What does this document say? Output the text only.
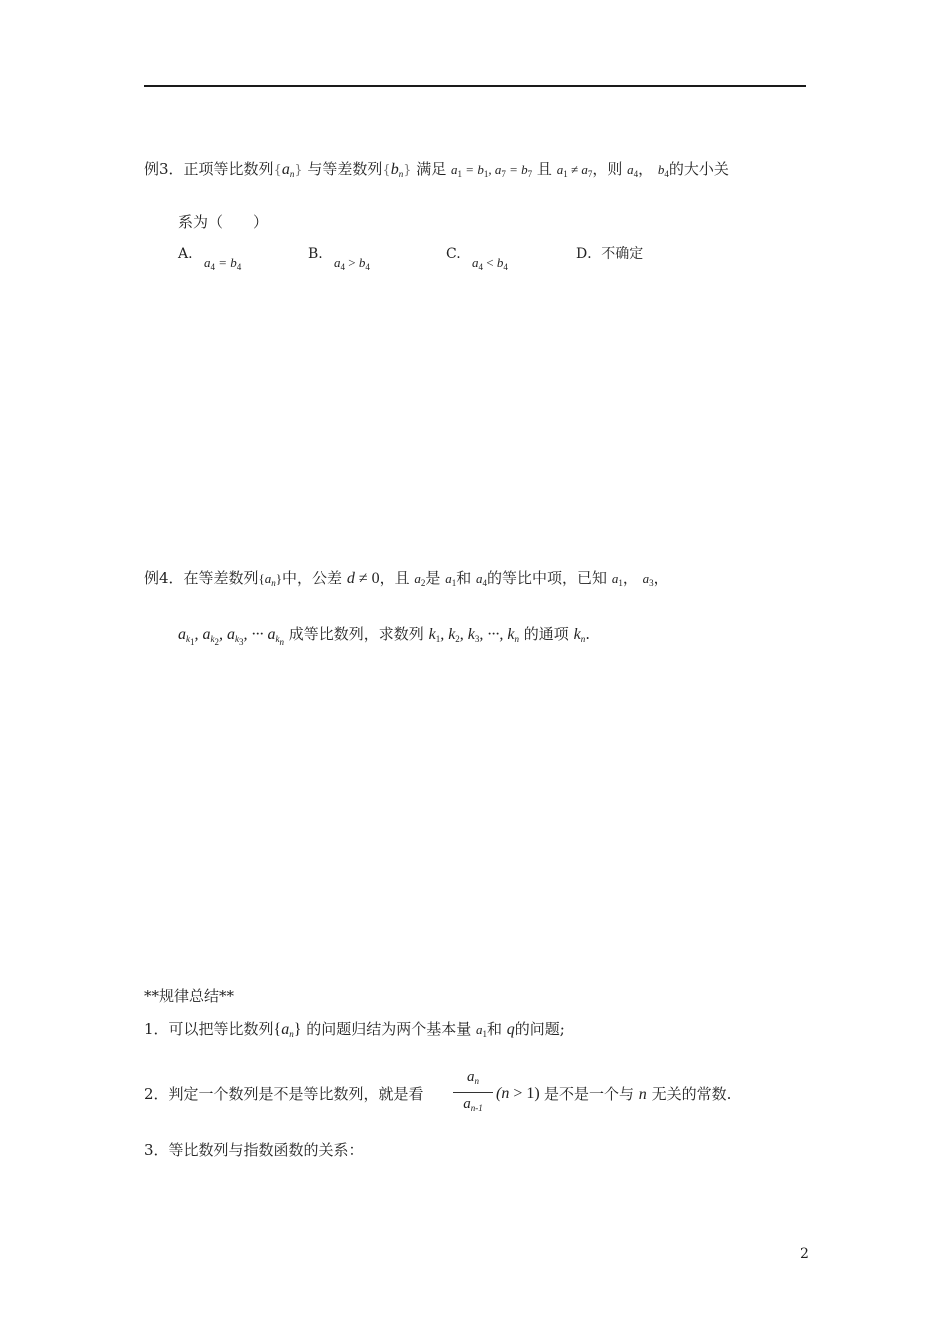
例3．正项等比数列$\{a_n\}$ 与等差数列$\{b_n\}$ 满足 $a_1 = b_1$, $a_7 = b_7$ 且 $a_1 \ne a_7$，则 $a_4$， $b_4$的大小关
系为（　　）
A.
$a_4 = b_4$
B.
$a_4 > b_4$
C.
$a_4 < b_4$
D．不确定
例4．在等差数列$\{a_n\}$中，公差 d ≠ 0，且 $a_2$是 $a_1$和 $a_4$的等比中项，已知 $a_1$， $a_3$，
$a_{k_1}$, $a_{k_2}$, $a_{k_3}$, ··· $a_{k_n}$ 成等比数列，求数列 $k_1$, $k_2$, $k_3$, ···, $k_n$ 的通项 $k_n$.
**规律总结**
1．可以把等比数列$\{a_n\}$ 的问题归结为两个基本量 $a_1$和 q的问题;
2．判定一个数列是不是等比数列，就是看
$a_n$
$a_{n-1}$
(n > 1) 是不是一个与 n 无关的常数.
3．等比数列与指数函数的关系：
2
